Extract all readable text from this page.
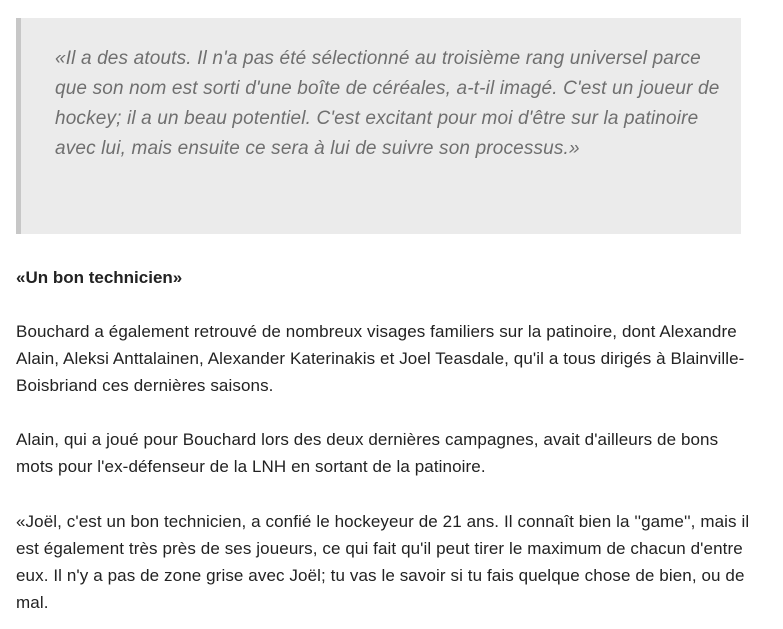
«Il a des atouts. Il n'a pas été sélectionné au troisième rang universel parce que son nom est sorti d'une boîte de céréales, a-t-il imagé. C'est un joueur de hockey; il a un beau potentiel. C'est excitant pour moi d'être sur la patinoire avec lui, mais ensuite ce sera à lui de suivre son processus.»

«Un bon technicien»

Bouchard a également retrouvé de nombreux visages familiers sur la patinoire, dont Alexandre Alain, Aleksi Anttalainen, Alexander Katerinakis et Joel Teasdale, qu'il a tous dirigés à Blainville-Boisbriand ces dernières saisons.

Alain, qui a joué pour Bouchard lors des deux dernières campagnes, avait d'ailleurs de bons mots pour l'ex-défenseur de la LNH en sortant de la patinoire.

«Joël, c'est un bon technicien, a confié le hockeyeur de 21 ans. Il connaît bien la ''game'', mais il est également très près de ses joueurs, ce qui fait qu'il peut tirer le maximum de chacun d'entre eux. Il n'y a pas de zone grise avec Joël; tu vas le savoir si tu fais quelque chose de bien, ou de mal.
